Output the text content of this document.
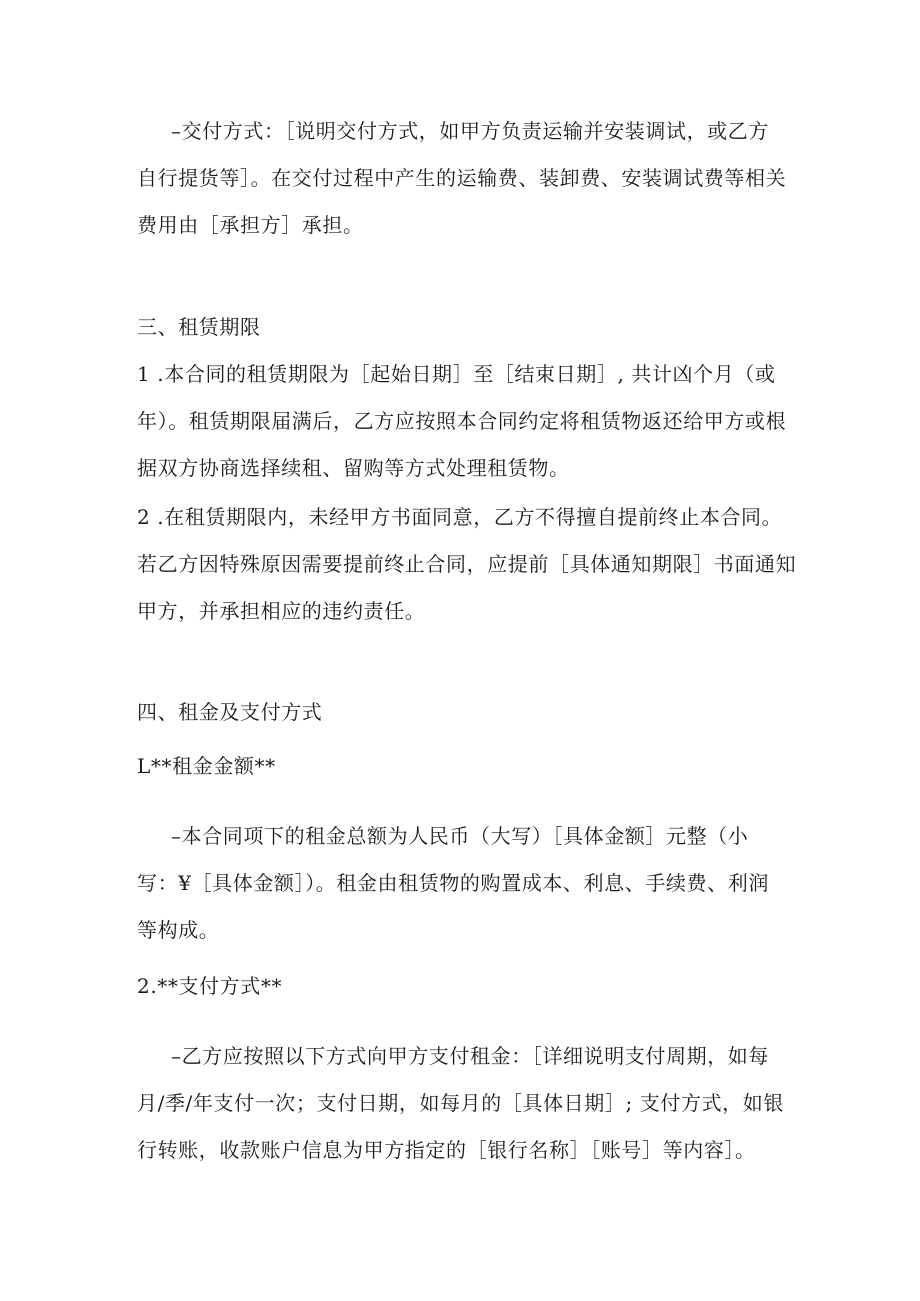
–交付方式：［说明交付方式，如甲方负责运输并安装调试，或乙方
自行提货等］。在交付过程中产生的运输费、装卸费、安装调试费等相关
费用由［承担方］承担。

三、租赁期限

1 .本合同的租赁期限为［起始日期］至［结束日期］, 共计凶个月（或
年）。租赁期限届满后，乙方应按照本合同约定将租赁物返还给甲方或根
据双方协商选择续租、留购等方式处理租赁物。

2 .在租赁期限内，未经甲方书面同意，乙方不得擅自提前终止本合同。
若乙方因特殊原因需要提前终止合同，应提前［具体通知期限］书面通知
甲方，并承担相应的违约责任。

四、租金及支付方式
L**租金金额**

–本合同项下的租金总额为人民币（大写）［具体金额］元整（小
写：¥［具体金额］）。租金由租赁物的购置成本、利息、手续费、利润
等构成。

2.**支付方式**

–乙方应按照以下方式向甲方支付租金：［详细说明支付周期，如每
月/季/年支付一次；支付日期，如每月的［具体日期］; 支付方式，如银
行转账，收款账户信息为甲方指定的［银行名称］［账号］等内容］。
